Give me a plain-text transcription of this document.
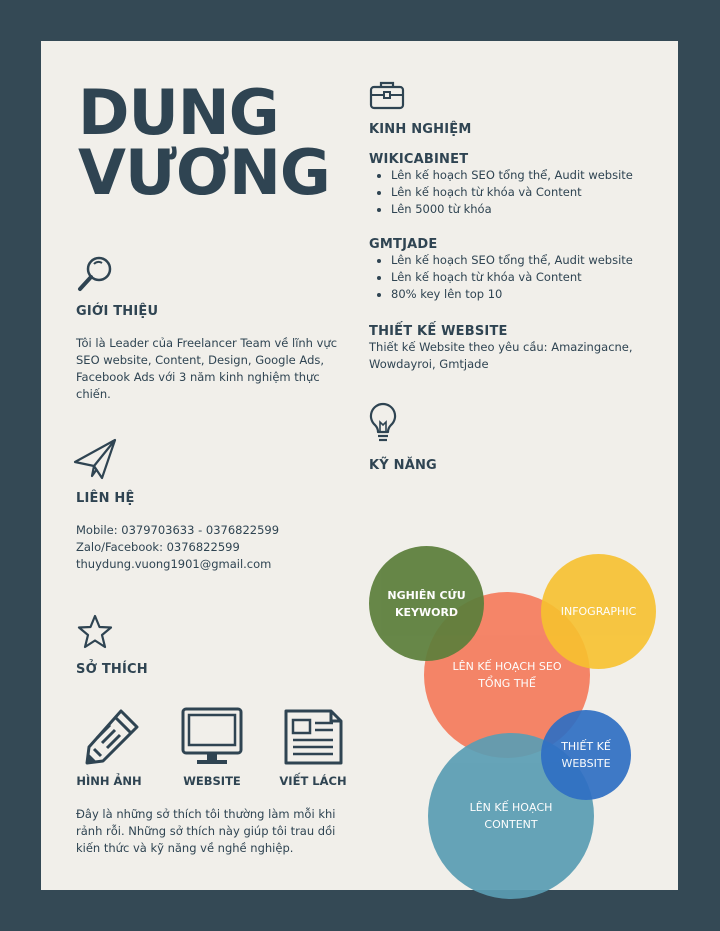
DUNG
VƯƠNG
GIỚI THIỆU
Tôi là Leader của Freelancer Team về lĩnh vực SEO website, Content, Design, Google Ads, Facebook Ads với 3 năm kinh nghiệm thực chiến.
LIÊN HỆ
Mobile: 0379703633 - 0376822599
Zalo/Facebook: 0376822599
thuydung.vuong1901@gmail.com
SỞ THÍCH
HÌNH ẢNH	WEBSITE	VIẾT LÁCH
Đây là những sở thích tôi thường làm mỗi khi rảnh rỗi. Những sở thích này giúp tôi trau dồi kiến thức và kỹ năng về nghề nghiệp.
KINH NGHIỆM
WIKICABINET
• Lên kế hoạch SEO tổng thể, Audit website
• Lên kế hoạch từ khóa và Content
• Lên 5000 từ khóa
GMTJADE
• Lên kế hoạch SEO tổng thể, Audit website
• Lên kế hoạch từ khóa và Content
• 80% key lên top 10
THIẾT KẾ WEBSITE
Thiết kế Website theo yêu cầu: Amazingacne, Wowdayroi, Gmtjade
KỸ NĂNG
LÊN KẾ HOẠCH SEO TỔNG THỂ
INFOGRAPHIC
NGHIÊN CỨU KEYWORD
LÊN KẾ HOẠCH CONTENT
THIẾT KẾ WEBSITE
